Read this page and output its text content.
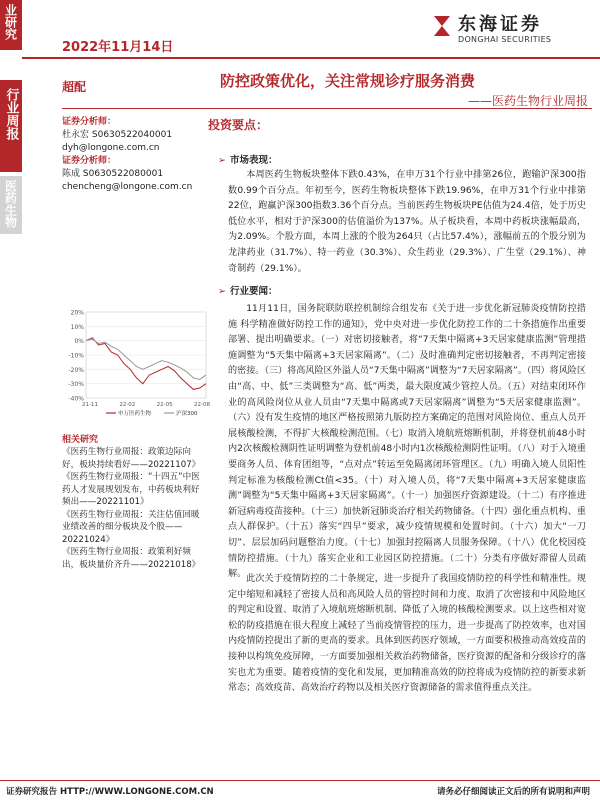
业研究
行业周报
医药生物
2022年11月14日
东海证券
DONGHAI SECURITIES
超配	防控政策优化，关注常规诊疗服务消费
——医药生物行业周报
证券分析师：
杜永宏 S0630522040001
dyh@longone.com.cn
证券分析师：
陈成 S0630522080001
chencheng@longone.com.cn
20%
10%
0%
-10%
-20%
-30%
-40%
21-11	22-02	22-05	22-08
申万医药生物	沪深300
相关研究
《医药生物行业周报：政策边际向好，板块持续看好——20221107》
《医药生物行业周报：“十四五”中医药人才发展规划发布，中药板块利好频出——20221101》
《医药生物行业周报：关注估值回暖业绩改善的细分板块及个股——20221024》
《医药生物行业周报：政策利好频出，板块量价齐升——20221018》
投资要点：
➢ 市场表现：
本周医药生物板块整体下跌0.43%，在申万31个行业中排第26位，跑输沪深300指数0.99个百分点。年初至今，医药生物板块整体下跌19.96%，在申万31个行业中排第22位，跑赢沪深300指数3.36个百分点。当前医药生物板块PE估值为24.4倍，处于历史低位水平，相对于沪深300的估值溢价为137%。从子板块看，本周中药板块涨幅最高，为2.09%。个股方面，本周上涨的个股为264只（占比57.4%），涨幅前五的个股分别为龙津药业（31.7%）、特一药业（30.3%）、众生药业（29.3%）、广生堂（29.1%）、神奇制药（29.1%）。
➢ 行业要闻：
11月11日，国务院联防联控机制综合组发布《关于进一步优化新冠肺炎疫情防控措施 科学精准做好防控工作的通知》，党中央对进一步优化防控工作的二十条措施作出重要部署、提出明确要求。（一）对密切接触者，将“7天集中隔离+3天居家健康监测”管理措施调整为“5天集中隔离+3天居家隔离”。（二）及时准确判定密切接触者，不再判定密接的密接。（三）将高风险区外溢人员“7天集中隔离”调整为“7天居家隔离”。（四）将风险区由“高、中、低”三类调整为“高、低”两类，最大限度减少管控人员。（五）对结束闭环作业的高风险岗位从业人员由“7天集中隔离或7天居家隔离”调整为“5天居家健康监测”。（六）没有发生疫情的地区严格按照第九版防控方案确定的范围对风险岗位、重点人员开展核酸检测，不得扩大核酸检测范围。（七）取消入境航班熔断机制，并将登机前48小时内2次核酸检测阴性证明调整为登机前48小时内1次核酸检测阴性证明。（八）对于入境重要商务人员、体育团组等，“点对点”转运至免隔离闭环管理区。（九）明确入境人员阳性判定标准为核酸检测Ct值<35。（十）对入境人员，将“7天集中隔离+3天居家健康监测”调整为“5天集中隔离+3天居家隔离”。（十一）加强医疗资源建设。（十二）有序推进新冠病毒疫苗接种。（十三）加快新冠肺炎治疗相关药物储备。（十四）强化重点机构、重点人群保护。（十五）落实“四早”要求，减少疫情规模和处置时间。（十六）加大“一刀切”、层层加码问题整治力度。（十七）加强封控隔离人员服务保障。（十八）优化校园疫情防控措施。（十九）落实企业和工业园区防控措施。（二十）分类有序做好滞留人员疏解。 此次关于疫情防控的二十条规定，进一步提升了我国疫情防控的科学性和精准性。规定中缩短和减轻了密接人员和高风险人员的管控时间和力度、取消了次密接和中风险地区的判定和设置、取消了入境航班熔断机制、降低了入境的核酸检测要求。以上这些相对宽松的防疫措施在很大程度上减轻了当前疫情管控的压力，进一步提高了防控效率，也对国内疫情防控提出了新的更高的要求。具体到医药医疗领域，一方面要积极推动高效疫苗的接种以构筑免疫屏障，一方面要加强相关救治药物储备，医疗资源的配备和分级诊疗的落实也尤为重要。随着疫情的变化和发展，更加精准高效的防控将成为疫情防控的新要求新常态；高效疫苗、高效治疗药物以及相关医疗资源储备的需求值得重点关注。
证券研究报告 HTTP://WWW.LONGONE.COM.CN	请务必仔细阅读正文后的所有说明和声明
